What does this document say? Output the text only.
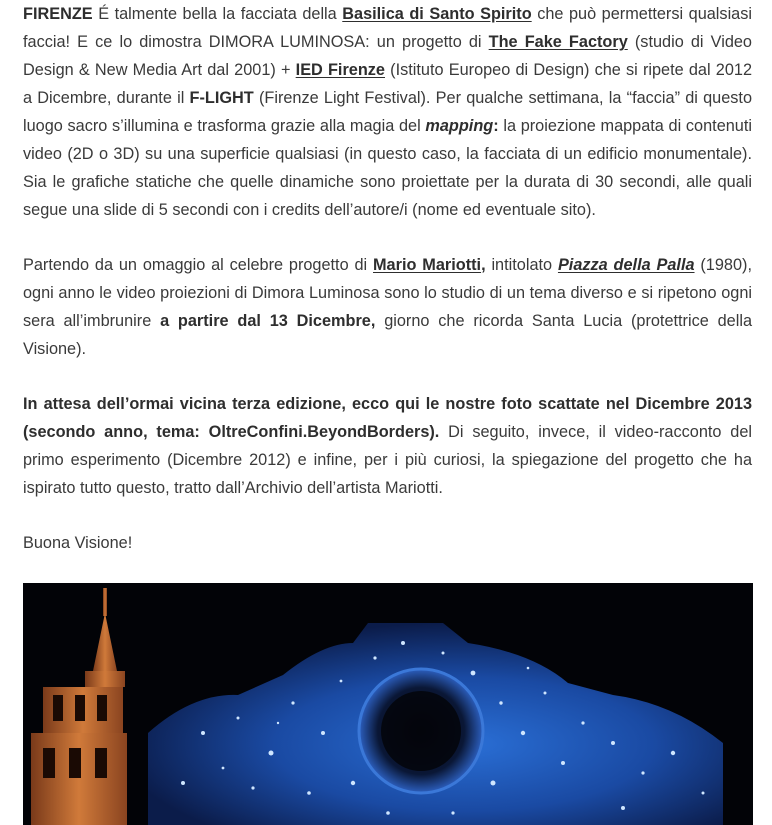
FIRENZE É talmente bella la facciata della Basilica di Santo Spirito che può permettersi qualsiasi faccia! E ce lo dimostra DIMORA LUMINOSA: un progetto di The Fake Factory (studio di Video Design & New Media Art dal 2001) + IED Firenze (Istituto Europeo di Design) che si ripete dal 2012 a Dicembre, durante il F-LIGHT (Firenze Light Festival). Per qualche settimana, la “faccia” di questo luogo sacro s’illumina e trasforma grazie alla magia del mapping: la proiezione mappata di contenuti video (2D o 3D) su una superficie qualsiasi (in questo caso, la facciata di un edificio monumentale). Sia le grafiche statiche che quelle dinamiche sono proiettate per la durata di 30 secondi, alle quali segue una slide di 5 secondi con i credits dell’autore/i (nome ed eventuale sito).

Partendo da un omaggio al celebre progetto di Mario Mariotti, intitolato Piazza della Palla (1980), ogni anno le video proiezioni di Dimora Luminosa sono lo studio di un tema diverso e si ripetono ogni sera all’imbrunire a partire dal 13 Dicembre, giorno che ricorda Santa Lucia (protettrice della Visione).

In attesa dell’ormai vicina terza edizione, ecco qui le nostre foto scattate nel Dicembre 2013 (secondo anno, tema: OltreConfini.BeyondBorders). Di seguito, invece, il video-racconto del primo esperimento (Dicembre 2012) e infine, per i più curiosi, la spiegazione del progetto che ha ispirato tutto questo, tratto dall’Archivio dell’artista Mariotti.

Buona Visione!
